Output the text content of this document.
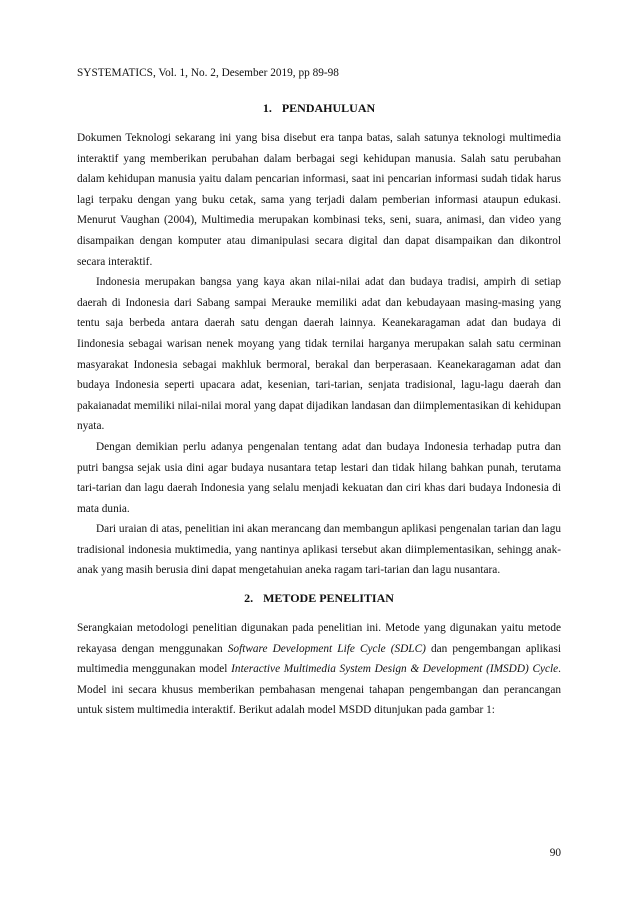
SYSTEMATICS, Vol. 1, No. 2, Desember 2019, pp 89-98
1. PENDAHULUAN

Dokumen Teknologi sekarang ini yang bisa disebut era tanpa batas, salah satunya teknologi multimedia interaktif yang memberikan perubahan dalam berbagai segi kehidupan manusia. Salah satu perubahan dalam kehidupan manusia yaitu dalam pencarian informasi, saat ini pencarian informasi sudah tidak harus lagi terpaku dengan yang buku cetak, sama yang terjadi dalam pemberian informasi ataupun edukasi. Menurut Vaughan (2004), Multimedia merupakan kombinasi teks, seni, suara, animasi, dan video yang disampaikan dengan komputer atau dimanipulasi secara digital dan dapat disampaikan dan dikontrol secara interaktif.

Indonesia merupakan bangsa yang kaya akan nilai-nilai adat dan budaya tradisi, ampirh di setiap daerah di Indonesia dari Sabang sampai Merauke memiliki adat dan kebudayaan masing-masing yang tentu saja berbeda antara daerah satu dengan daerah lainnya. Keanekaragaman adat dan budaya di Iindonesia sebagai warisan nenek moyang yang tidak ternilai harganya merupakan salah satu cerminan masyarakat Indonesia sebagai makhluk bermoral, berakal dan berperasaan. Keanekaragaman adat dan budaya Indonesia seperti upacara adat, kesenian, tari-tarian, senjata tradisional, lagu-lagu daerah dan pakaianadat memiliki nilai-nilai moral yang dapat dijadikan landasan dan diimplementasikan di kehidupan nyata.

Dengan demikian perlu adanya pengenalan tentang adat dan budaya Indonesia terhadap putra dan putri bangsa sejak usia dini agar budaya nusantara tetap lestari dan tidak hilang bahkan punah, terutama tari-tarian dan lagu daerah Indonesia yang selalu menjadi kekuatan dan ciri khas dari budaya Indonesia di mata dunia.

Dari uraian di atas, penelitian ini akan merancang dan membangun aplikasi pengenalan tarian dan lagu tradisional indonesia muktimedia, yang nantinya aplikasi tersebut akan diimplementasikan, sehingg anak-anak yang masih berusia dini dapat mengetahuian aneka ragam tari-tarian dan lagu nusantara.

2. METODE PENELITIAN

Serangkaian metodologi penelitian digunakan pada penelitian ini. Metode yang digunakan yaitu metode rekayasa dengan menggunakan Software Development Life Cycle (SDLC) dan pengembangan aplikasi multimedia menggunakan model Interactive Multimedia System Design & Development (IMSDD) Cycle. Model ini secara khusus memberikan pembahasan mengenai tahapan pengembangan dan perancangan untuk sistem multimedia interaktif. Berikut adalah model MSDD ditunjukan pada gambar 1:

90
